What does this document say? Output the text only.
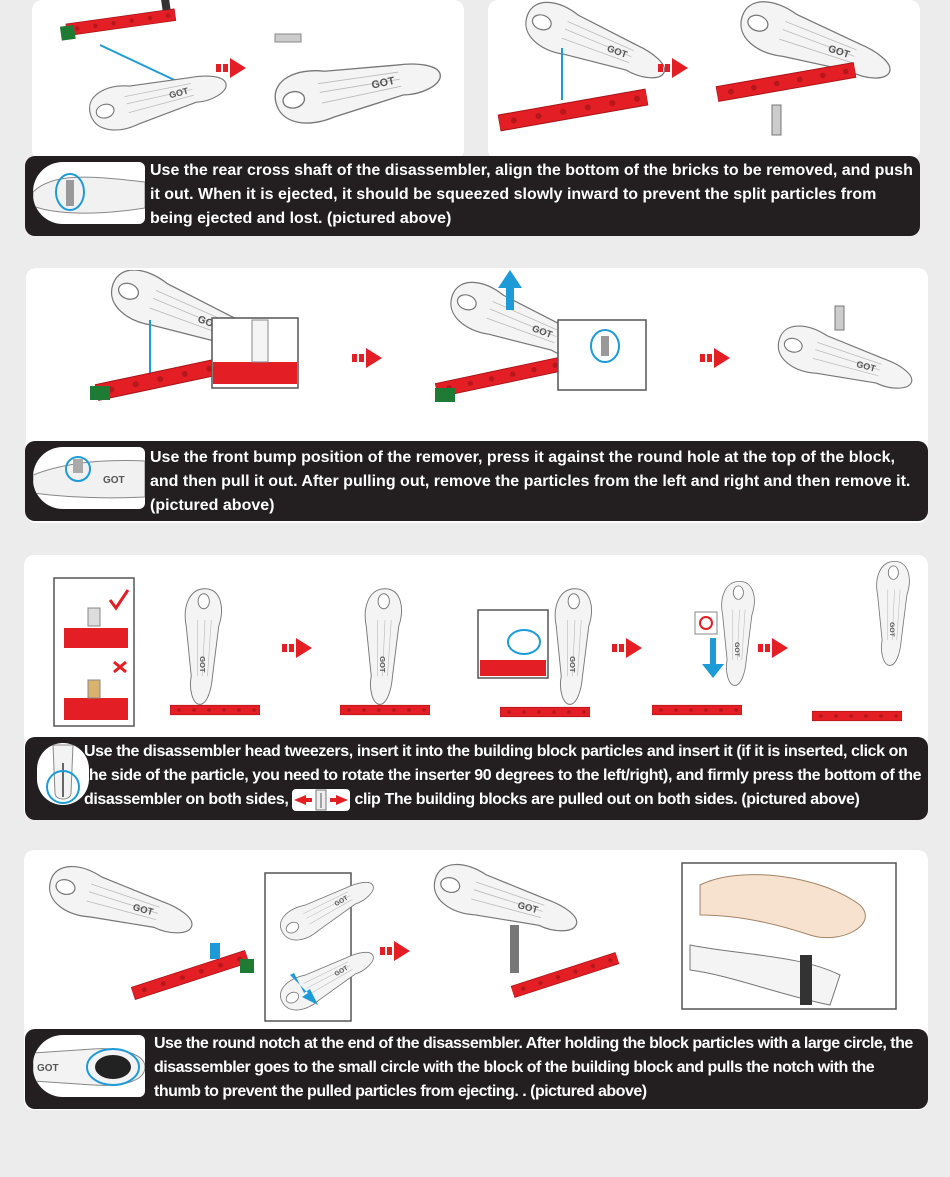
Use the rear cross shaft of the disassembler, align the bottom of the bricks to be removed, and push it out. When it is ejected, it should be squeezed slowly inward to prevent the split particles from being ejected and lost. (pictured above)
GOT
Use the front bump position of the remover, press it against the round hole at the top of the block, and then pull it out. After pulling out, remove the particles from the left and right and then remove it. (pictured above)
Use the disassembler head tweezers, insert it into the building block particles and insert it (if it is inserted, click on the side of the particle, you need to rotate the inserter 90 degrees to the left/right), and firmly press the bottom of the disassembler on both sides,	clip The building blocks are pulled out on both sides. (pictured above)
GOT
Use the round notch at the end of the disassembler. After holding the block particles with a large circle, the disassembler goes to the small circle with the block of the building block and pulls the notch with the thumb to prevent the pulled particles from ejecting. . (pictured above)
